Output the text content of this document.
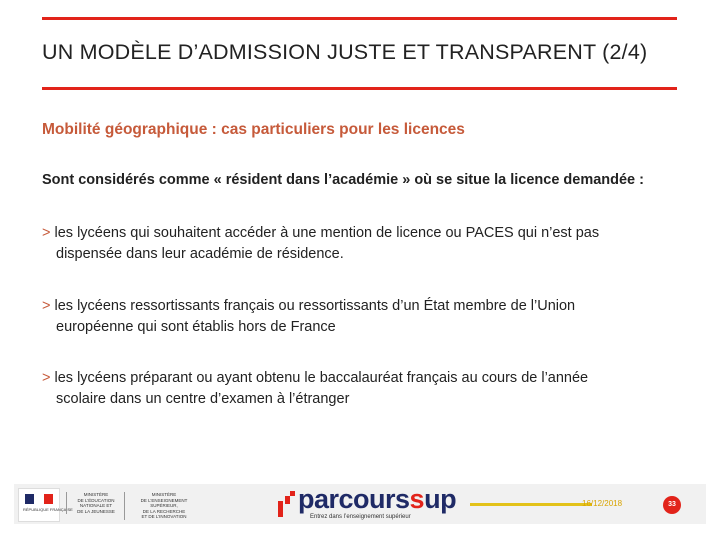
UN MODÈLE D’ADMISSION JUSTE ET TRANSPARENT (2/4)
Mobilité géographique : cas particuliers pour les licences
Sont considérés comme « résident dans l’académie » où se situe la licence demandée :
> les lycéens qui souhaitent accéder à une mention de licence ou PACES qui n’est pas
dispensée dans leur académie de résidence.
> les lycéens ressortissants français ou ressortissants d’un État membre de l’Union
européenne qui sont établis hors de France
> les lycéens préparant ou ayant obtenu le baccalauréat français au cours de l’année
scolaire dans un centre d’examen à l’étranger
RÉPUBLIQUE FRANÇAISE
MINISTÈRE
DE L’ÉDUCATION
NATIONALE ET
DE LA JEUNESSE
MINISTÈRE
DE L’ENSEIGNEMENT SUPÉRIEUR,
DE LA RECHERCHE
ET DE L’INNOVATION
parcourssup
Entrez dans l’enseignement supérieur
16/12/2018	33
